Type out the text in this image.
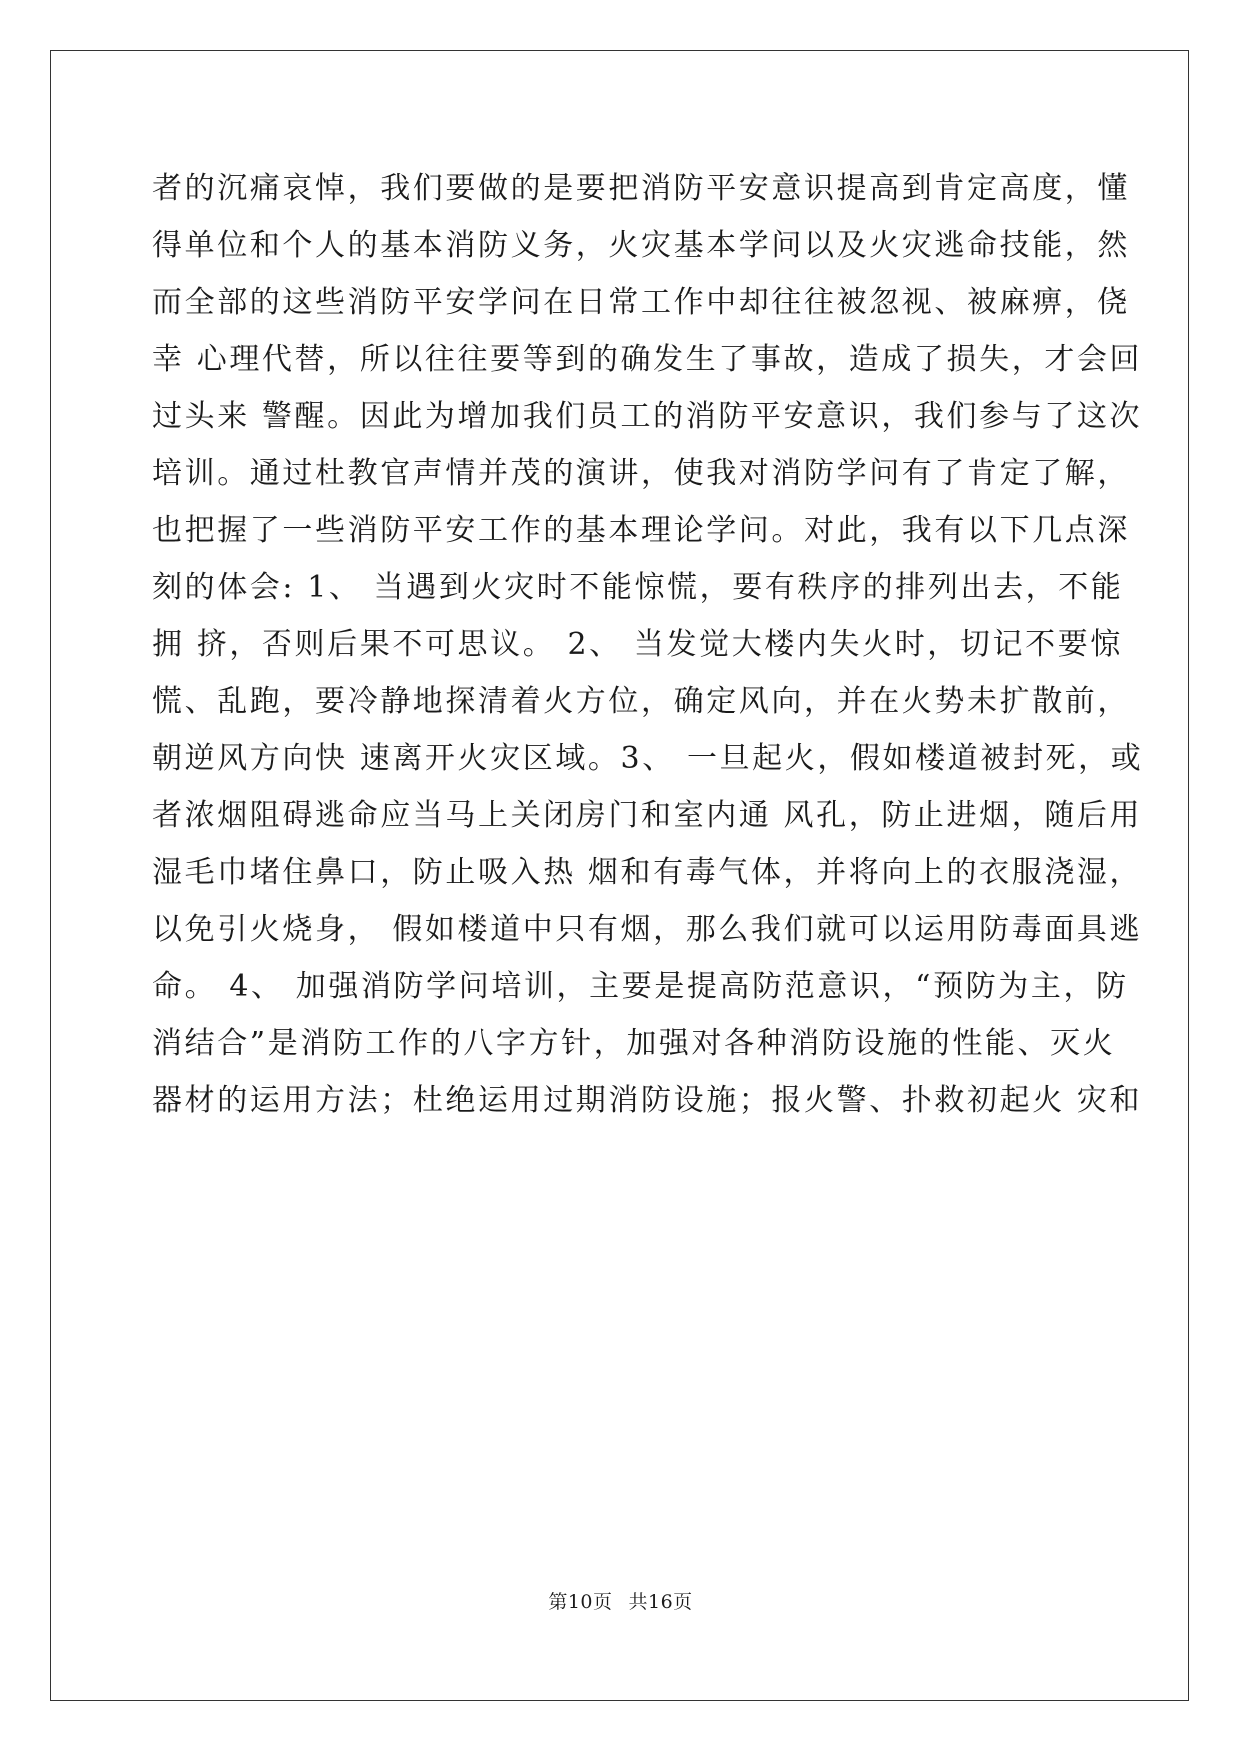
者的沉痛哀悼，我们要做的是要把消防平安意识提高到肯定高度，懂
得单位和个人的基本消防义务，火灾基本学问以及火灾逃命技能，然
而全部的这些消防平安学问在日常工作中却往往被忽视、被麻痹，侥
幸 心理代替，所以往往要等到的确发生了事故，造成了损失，才会回
过头来 警醒。因此为增加我们员工的消防平安意识，我们参与了这次
培训。通过杜教官声情并茂的演讲，使我对消防学问有了肯定了解，
也把握了一些消防平安工作的基本理论学问。对此，我有以下几点深
刻的体会: 1、 当遇到火灾时不能惊慌，要有秩序的排列出去，不能
拥 挤，否则后果不可思议。 2、 当发觉大楼内失火时，切记不要惊
慌、乱跑，要冷静地探清着火方位，确定风向，并在火势未扩散前，
朝逆风方向快 速离开火灾区域。3、 一旦起火，假如楼道被封死，或
者浓烟阻碍逃命应当马上关闭房门和室内通 风孔，防止进烟，随后用
湿毛巾堵住鼻口，防止吸入热 烟和有毒气体，并将向上的衣服浇湿，
以免引火烧身， 假如楼道中只有烟，那么我们就可以运用防毒面具逃
命。 4、 加强消防学问培训，主要是提高防范意识，“预防为主，防
消结合”是消防工作的八字方针，加强对各种消防设施的性能、灭火
器材的运用方法；杜绝运用过期消防设施；报火警、扑救初起火 灾和
第10页 共16页
